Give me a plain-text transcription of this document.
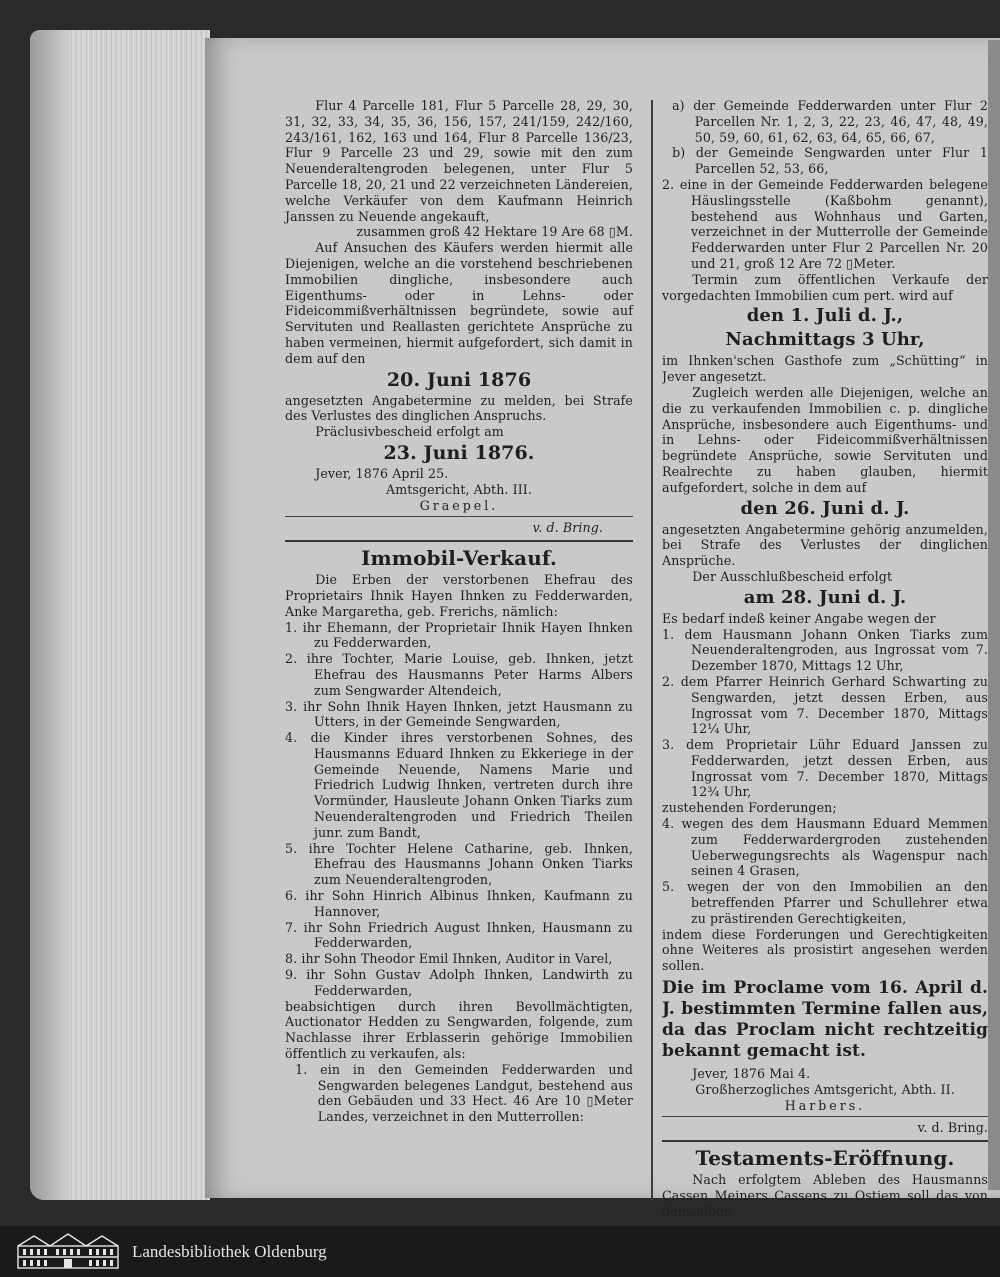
Flur 4 Parcelle 181, Flur 5 Parcelle 28, 29, 30, 31, 32, 33, 34, 35, 36, 156, 157, 241/159, 242/160, 243/161, 162, 163 und 164, Flur 8 Parcelle 136/23, Flur 9 Parcelle 23 und 29, sowie mit den zum Neuenderaltengroden belegenen, unter Flur 5 Parcelle 18, 20, 21 und 22 verzeichneten Ländereien, welche Verkäufer von dem Kaufmann Heinrich Janssen zu Neuende angekauft,

zusammen groß 42 Hektare 19 Are 68 ▯M.

Auf Ansuchen des Käufers werden hiermit alle Diejenigen, welche an die vorstehend beschriebenen Immobilien dingliche, insbesondere auch Eigenthums- oder in Lehns- oder Fideicommißverhältnissen begründete, sowie auf Servituten und Reallasten gerichtete Ansprüche zu haben vermeinen, hiermit aufgefordert, sich damit in dem auf den

20. Juni 1876

angesetzten Angabetermine zu melden, bei Strafe des Verlustes des dinglichen Anspruchs.

Präclusivbescheid erfolgt am

23. Juni 1876.

Jever, 1876 April 25.

Amtsgericht, Abth. III.

Graepel.

v. d. Bring.

Immobil-Verkauf.

Die Erben der verstorbenen Ehefrau des Proprietairs Ihnik Hayen Ihnken zu Fedderwarden, Anke Margaretha, geb. Frerichs, nämlich:

1. ihr Ehemann, der Proprietair Ihnik Hayen Ihnken zu Fedderwarden,

2. ihre Tochter, Marie Louise, geb. Ihnken, jetzt Ehefrau des Hausmanns Peter Harms Albers zum Sengwarder Altendeich,

3. ihr Sohn Ihnik Hayen Ihnken, jetzt Hausmann zu Utters, in der Gemeinde Sengwarden,

4. die Kinder ihres verstorbenen Sohnes, des Hausmanns Eduard Ihnken zu Ekkeriege in der Gemeinde Neuende, Namens Marie und Friedrich Ludwig Ihnken, vertreten durch ihre Vormünder, Hausleute Johann Onken Tiarks zum Neuenderaltengroden und Friedrich Theilen junr. zum Bandt,

5. ihre Tochter Helene Catharine, geb. Ihnken, Ehefrau des Hausmanns Johann Onken Tiarks zum Neuenderaltengroden,

6. ihr Sohn Hinrich Albinus Ihnken, Kaufmann zu Hannover,

7. ihr Sohn Friedrich August Ihnken, Hausmann zu Fedderwarden,

8. ihr Sohn Theodor Emil Ihnken, Auditor in Varel,

9. ihr Sohn Gustav Adolph Ihnken, Landwirth zu Fedderwarden,

beabsichtigen durch ihren Bevollmächtigten, Auctionator Hedden zu Sengwarden, folgende, zum Nachlasse ihrer Erblasserin gehörige Immobilien öffentlich zu verkaufen, als:

1. ein in den Gemeinden Fedderwarden und Sengwarden belegenes Landgut, bestehend aus den Gebäuden und 33 Hect. 46 Are 10 ▯Meter Landes, verzeichnet in den Mutterrollen:

a) der Gemeinde Fedderwarden unter Flur 2 Parcellen Nr. 1, 2, 3, 22, 23, 46, 47, 48, 49, 50, 59, 60, 61, 62, 63, 64, 65, 66, 67,

b) der Gemeinde Sengwarden unter Flur 1 Parcellen 52, 53, 66,

2. eine in der Gemeinde Fedderwarden belegene Häuslingsstelle (Kaßbohm genannt), bestehend aus Wohnhaus und Garten, verzeichnet in der Mutterrolle der Gemeinde Fedderwarden unter Flur 2 Parcellen Nr. 20 und 21, groß 12 Are 72 ▯Meter.

Termin zum öffentlichen Verkaufe der vorgedachten Immobilien cum pert. wird auf

den 1. Juli d. J.,

Nachmittags 3 Uhr,

im Ihnken'schen Gasthofe zum „Schütting“ in Jever angesetzt.

Zugleich werden alle Diejenigen, welche an die zu verkaufenden Immobilien c. p. dingliche Ansprüche, insbesondere auch Eigenthums- und in Lehns- oder Fideicommißverhältnissen begründete Ansprüche, sowie Servituten und Realrechte zu haben glauben, hiermit aufgefordert, solche in dem auf

den 26. Juni d. J.

angesetzten Angabetermine gehörig anzumelden, bei Strafe des Verlustes der dinglichen Ansprüche.

Der Ausschlußbescheid erfolgt

am 28. Juni d. J.

Es bedarf indeß keiner Angabe wegen der

1. dem Hausmann Johann Onken Tiarks zum Neuenderaltengroden, aus Ingrossat vom 7. Dezember 1870, Mittags 12 Uhr,

2. dem Pfarrer Heinrich Gerhard Schwarting zu Sengwarden, jetzt dessen Erben, aus Ingrossat vom 7. December 1870, Mittags 12¼ Uhr,

3. dem Proprietair Lühr Eduard Janssen zu Fedderwarden, jetzt dessen Erben, aus Ingrossat vom 7. December 1870, Mittags 12¾ Uhr,

zustehenden Forderungen;

4. wegen des dem Hausmann Eduard Memmen zum Fedderwardergroden zustehenden Ueberwegungsrechts als Wagenspur nach seinen 4 Grasen,

5. wegen der von den Immobilien an den betreffenden Pfarrer und Schullehrer etwa zu prästirenden Gerechtigkeiten,

indem diese Forderungen und Gerechtigkeiten ohne Weiteres als prosistirt angesehen werden sollen.

Die im Proclame vom 16. April d. J. bestimmten Termine fallen aus, da das Proclam nicht rechtzeitig bekannt gemacht ist.

Jever, 1876 Mai 4.

Großherzogliches Amtsgericht, Abth. II.

Harbers.

v. d. Bring.

Testaments-Eröffnung.

Nach erfolgtem Ableben des Hausmanns Cassen Meiners Cassens zu Ostiem soll das von demselben

Landesbibliothek Oldenburg
